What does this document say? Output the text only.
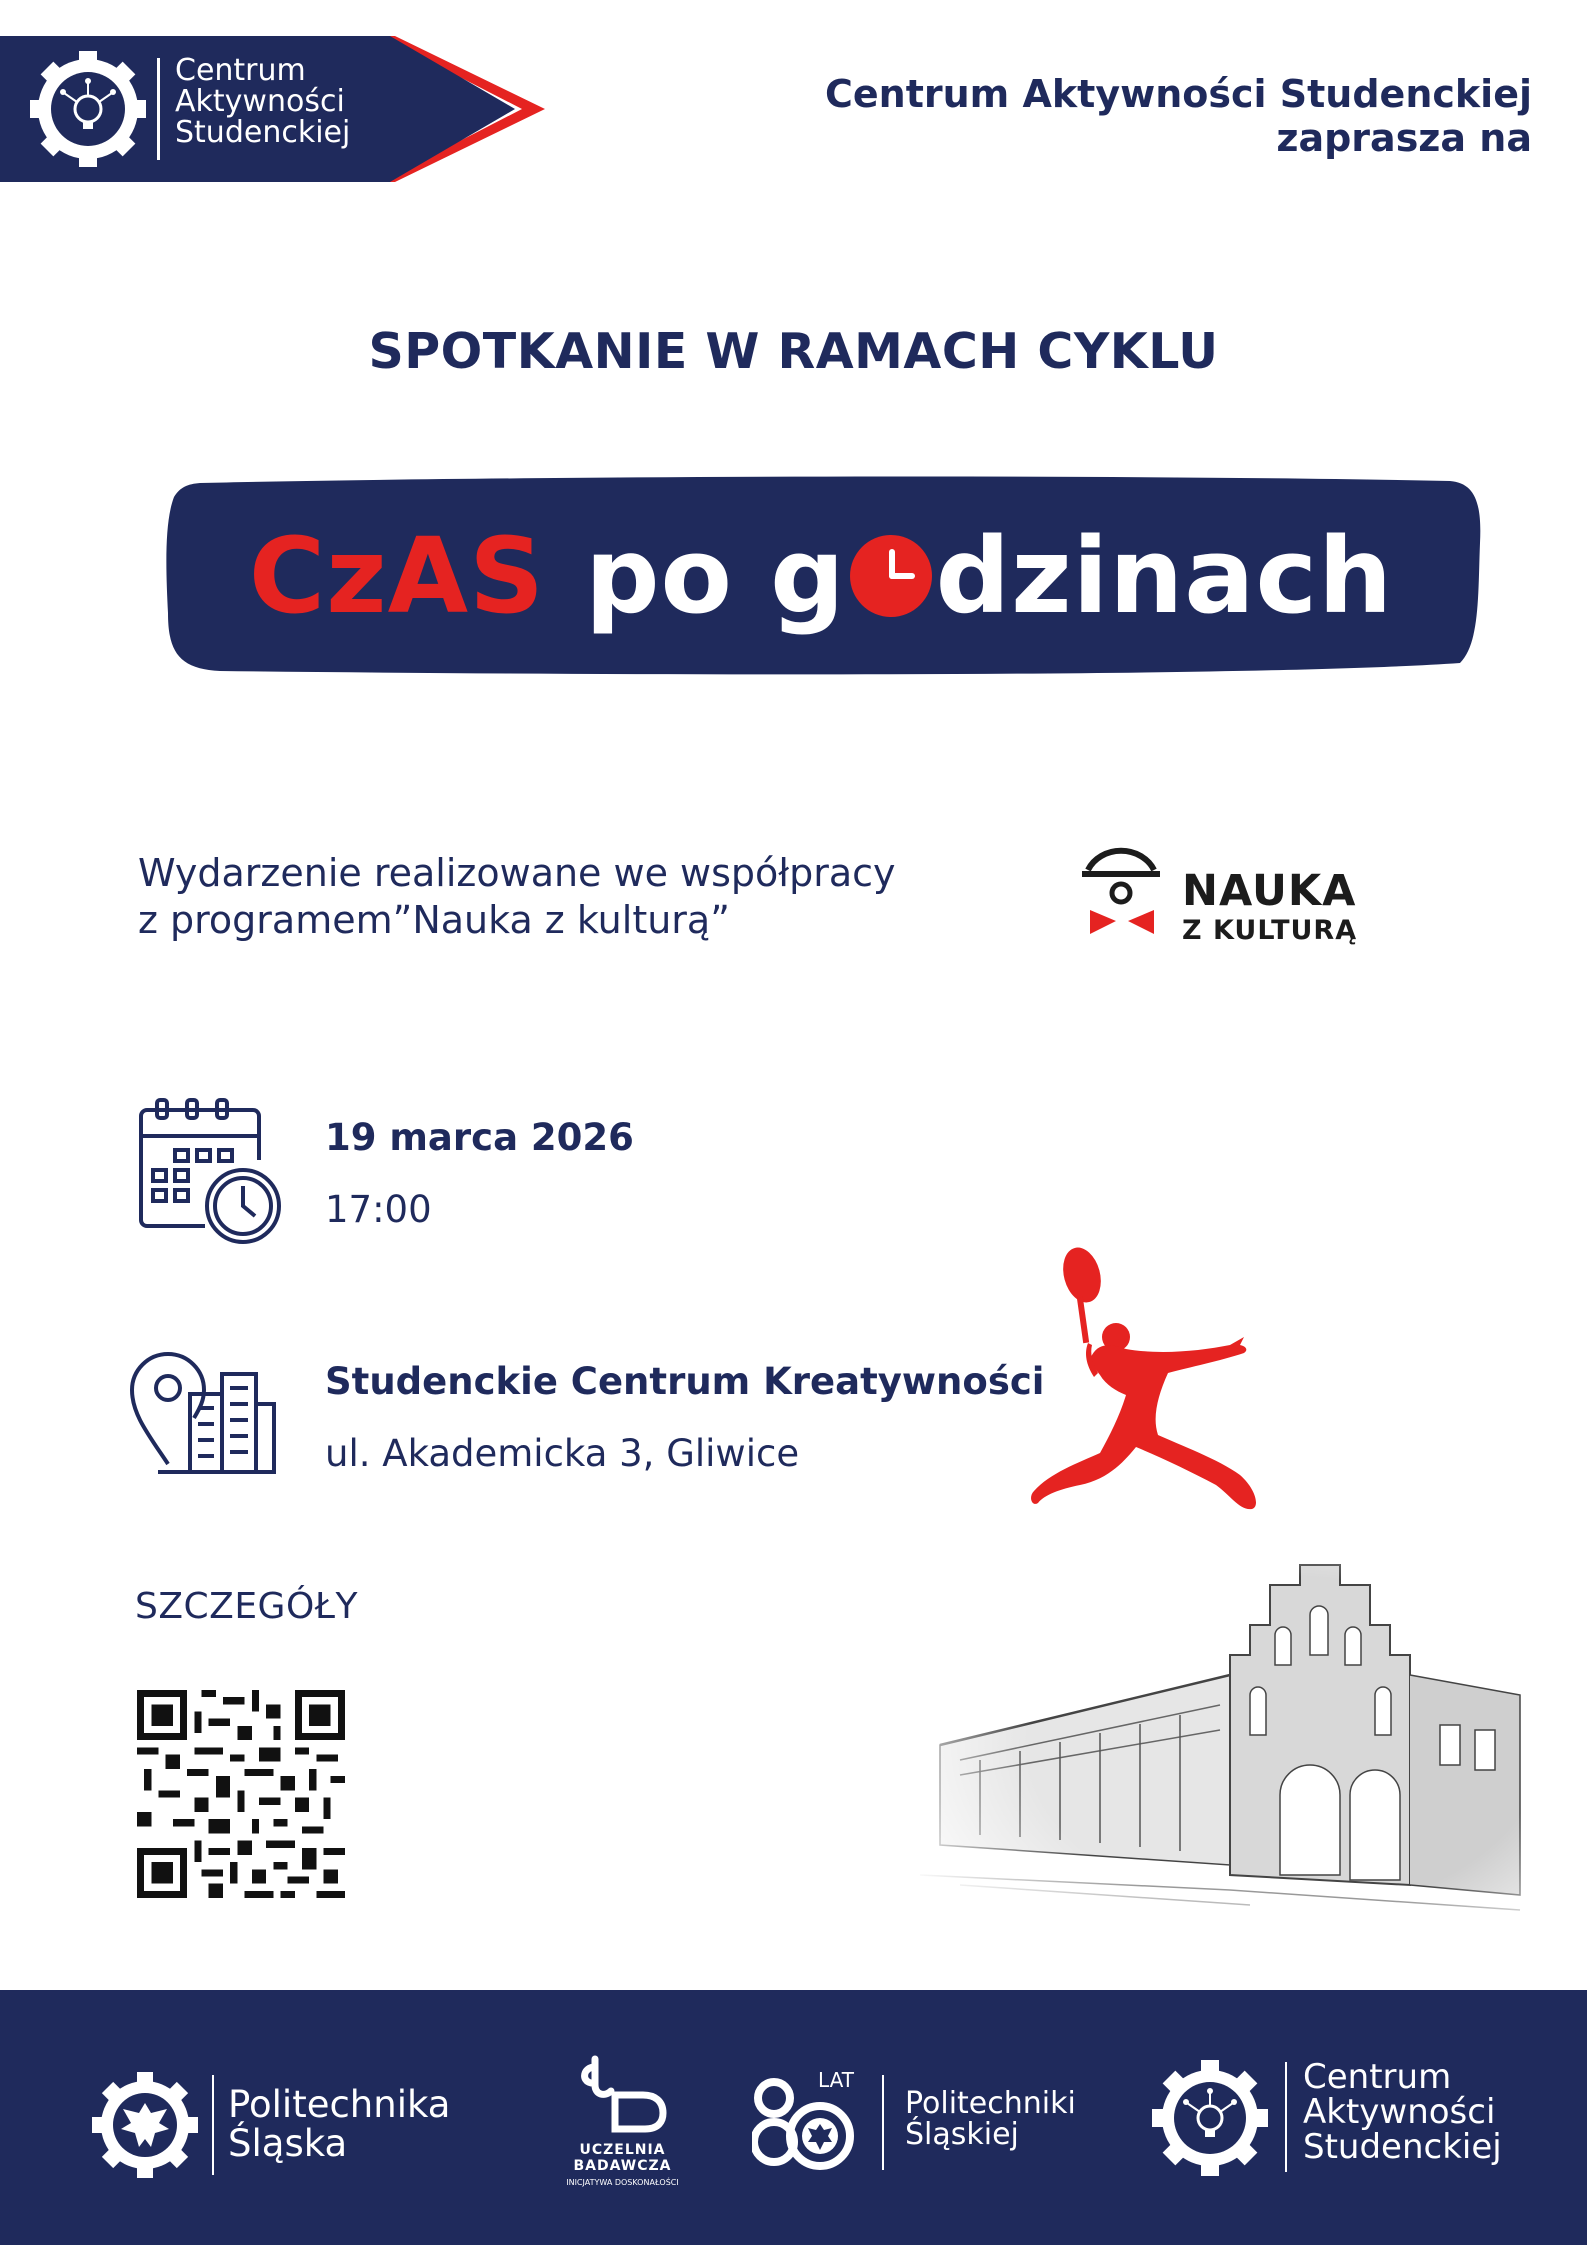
Centrum
Aktywności
Studenckiej
Centrum Aktywności Studenckiej
zaprasza na
SPOTKANIE W RAMACH CYKLU
CzAS po g dzinach
Wydarzenie realizowane we współpracy
z programem”Nauka z kulturą”
NAUKA
Z KULTURĄ
19 marca 2026
17:00
Studenckie Centrum Kreatywności
ul. Akademicka 3, Gliwice
SZCZEGÓŁY
Politechnika
Śląska	UCZELNIA
BADAWCZA
INICJATYWA DOSKONAŁOŚCI
LAT
Politechniki
Śląskiej
Centrum
Aktywności
Studenckiej
